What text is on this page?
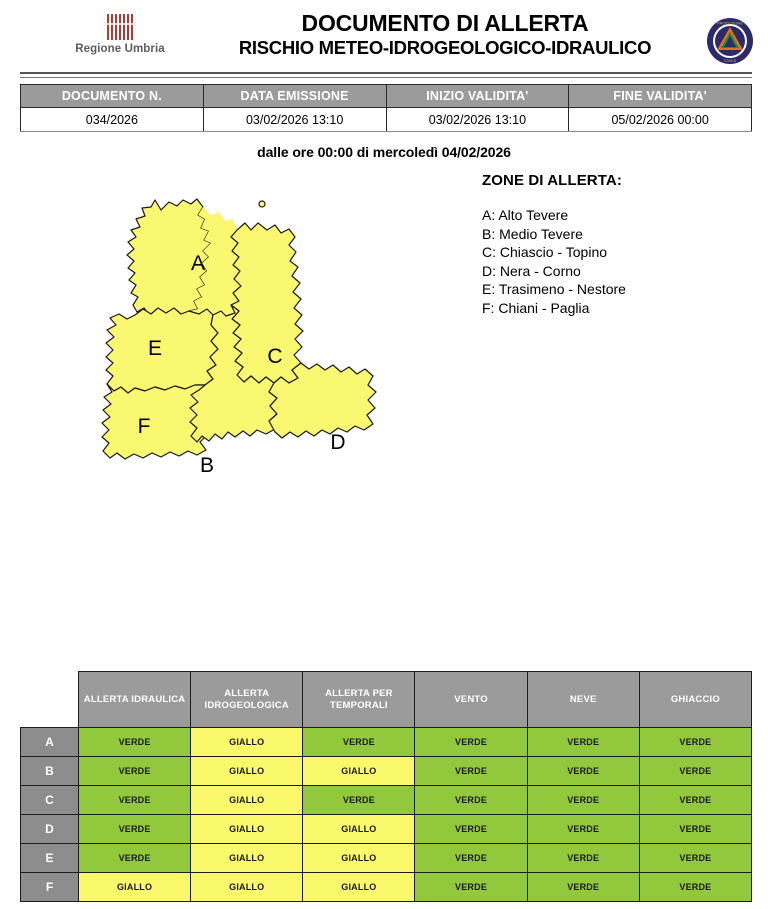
Regione Umbria
DOCUMENTO DI ALLERTA
RISCHIO METEO-IDROGEOLOGICO-IDRAULICO
PROTEZIONE
CIVILE
DOCUMENTO N.	DATA EMISSIONE	INIZIO VALIDITA'	FINE VALIDITA'
034/2026	03/02/2026 13:10	03/02/2026 13:10	05/02/2026 00:00
dalle ore 00:00 di mercoledì 04/02/2026
A
E	C
F
B
D
ZONE DI ALLERTA:
A: Alto Tevere
B: Medio Tevere
C: Chiascio - Topino
D: Nera - Corno
E: Trasimeno - Nestore
F: Chiani - Paglia
	ALLERTA IDRAULICA	ALLERTA IDROGEOLOGICA	ALLERTA PER TEMPORALI	VENTO	NEVE	GHIACCIO
A	VERDE	GIALLO	VERDE	VERDE	VERDE	VERDE
B	VERDE	GIALLO	GIALLO	VERDE	VERDE	VERDE
C	VERDE	GIALLO	VERDE	VERDE	VERDE	VERDE
D	VERDE	GIALLO	GIALLO	VERDE	VERDE	VERDE
E	VERDE	GIALLO	GIALLO	VERDE	VERDE	VERDE
F	GIALLO	GIALLO	GIALLO	VERDE	VERDE	VERDE
